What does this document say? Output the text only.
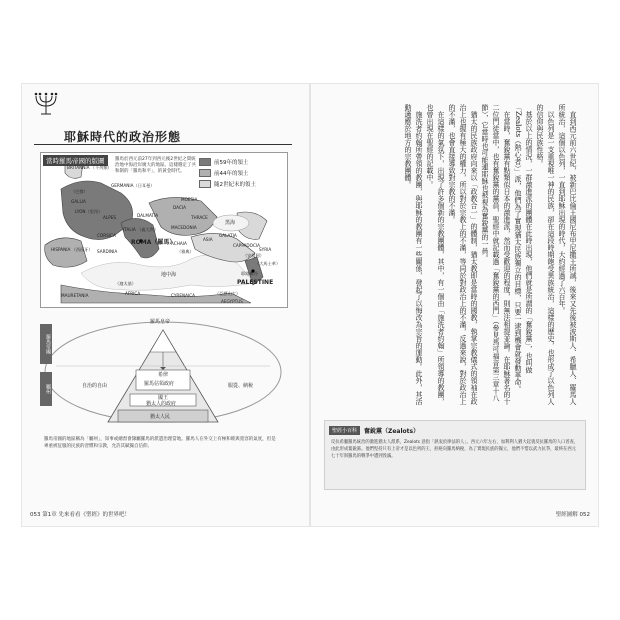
耶穌時代的政治形態
當時羅馬帝國的版圖	羅馬於西元前27年到西元後2世紀之間統治地中海沿岸廣大的地區。這樣穩定了共和制的「羅馬和平」，的黃金時代。
前59年的領土
前44年的領土
隨2世紀末的領土
BRITANNIA （不列顛）
GERMANIA（日耳曼）
（巴黎）
GALLIA
LYON（里昂）
ALPES	DALMATIA
DACIA
ITALIA （義大利）
HISPANIA （西班牙）
CORSICA
SARDINIA
ROMA（羅馬）
MACEDONIA
THRACE
MOESIA
ACHAIA
（雅典）
ASIA
GALATIA
CAPPADOCIA
黑海
（安提阿）
SYRIA
（大馬士革）
PALESTINE
耶路撒冷
地中海
（迦太基）
AFRICA	（亞歷山大）
AEGYPTUS
CYRENAICA
MAURETANIA
羅馬帝國
屬州
羅馬皇帝
自治的自由	服從、納稅
希律
羅馬佔領政府
國王
猶太人的政府
猶太人民
羅馬帝國的地區稱為「屬州」，知事或總督會隸屬羅馬的派遣治理當地。羅馬人在外交上有極和睦與寬容的氣度，但是專重被征服的民族的習慣和宗教，允許其賦獨自信仰。
053 第1章 先來看看《聖經》的世界吧！

直到西元前六世紀，被新巴比倫王國尼布甲尼撒王所滅，後來又先後被波斯人、希臘人、羅馬人所統治，這個以色列，一直到耶穌出現的時代，大約經過了六百年。

以色列是一支重視唯一神的民族，卻在這段時期飽受異族統治，這樣的歷史，也形成了以色列人的信仰與民族性格。

基於以上的情況，一群激進派的團體在此時出現，他們就是所謂的「奮銳黨」，也叫做「Zealots（熱心者）」派，他們為了實現猶太民族獨立的目標，只要一逮到機會就發動革命。

在當時，奮銳黨有點類似日本的激進派，然而受歡迎的程度，則無法相提並論。在耶穌著名的十二位門徒當中，也有奮銳黨的黨員，聖經中就記載過「奮銳黨的西門」（參見馬可福音第三章十八節），它當時也可能連耶穌也被視為奮銳黨的一員。

猶太的民族政府向來以「政教合一」的體制，猶太教即是當時的國教，執掌宗教儀式的領袖在政治上也握有極大的權力，所以對於宗教上的不滿，等同於對政治上的不滿，反過來說，對於政治上的不滿，也會直接導致對宗教的不滿。

在這樣的氣氛下，出現了許多個新的宗教團體，其中，有一個由「施洗者約翰」所領導的教團，也曾出現在聖經的記載中。

施洗者約翰所帶領的教團，與耶穌的教團有一些關係，發起了以悔改為宗旨的運動。此外，其活動適應於地方的宗教團體。

聖經小百科	奮銳黨（Zealots）
反抗希臘羅馬統治的激進猶太人派系，Zealots 意指「熱衷於律法的人」。西元六年左右，加利利人猶大起義反抗羅馬的人口普查，由此形成奮銳黨。他們堅持只有上帝才是以色列的王，拒絕向羅馬納稅，為了實現民族的獨立，他們不惜以武力抗爭，最終在西元七十年與羅馬的戰爭中遭到毀滅。
聖經圖解 052
